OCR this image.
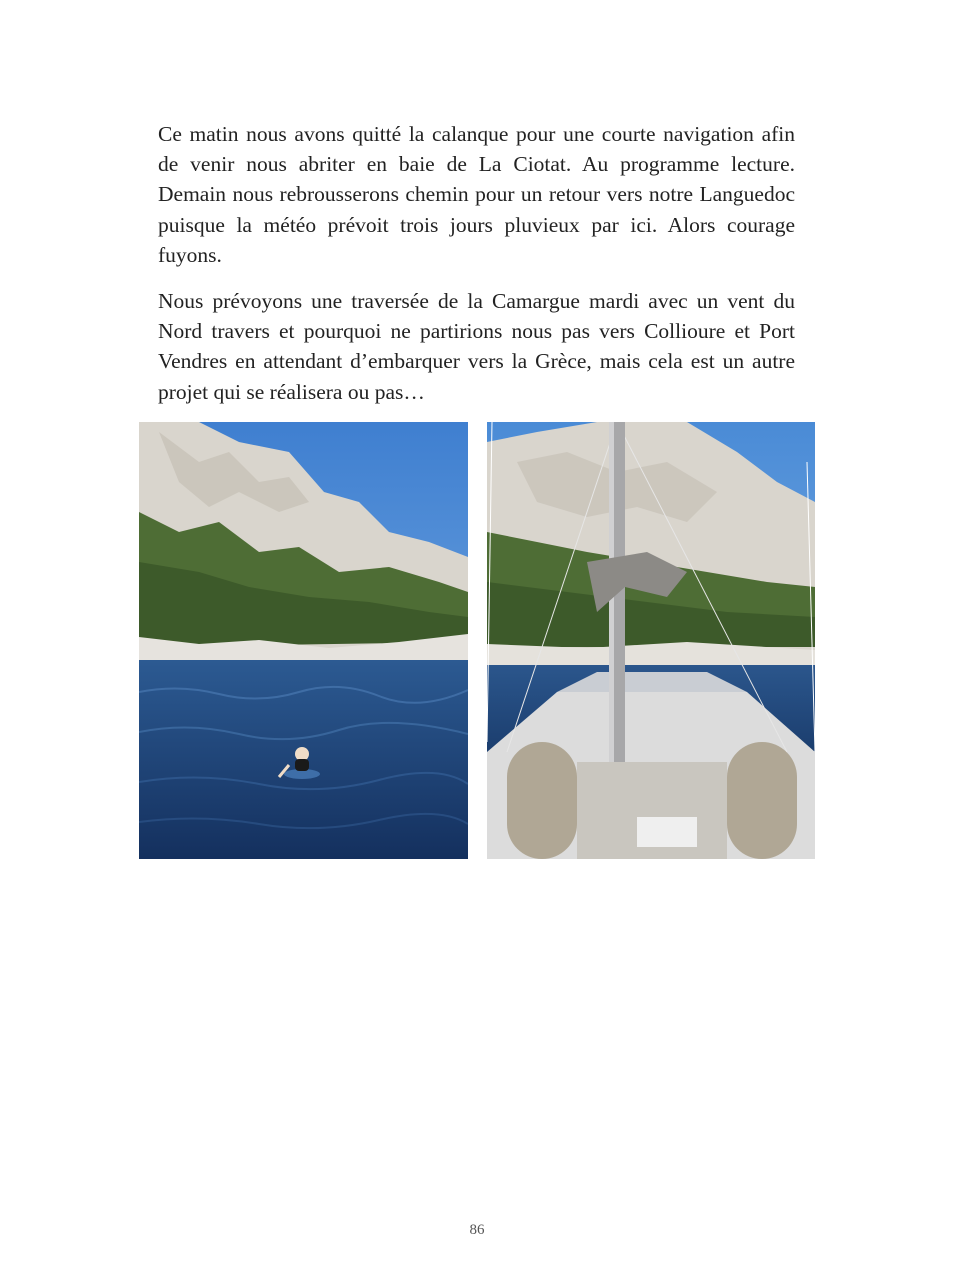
Ce matin nous avons quitté la calanque pour une courte navigation afin de venir nous abriter en baie de La Ciotat. Au programme lecture. Demain nous rebrousserons chemin pour un retour vers notre Languedoc puisque la météo prévoit trois jours pluvieux par ici. Alors courage fuyons.

Nous prévoyons une traversée de la Camargue mardi avec un vent du Nord travers et pourquoi ne partirions nous pas vers Collioure et Port Vendres en attendant d’embarquer vers la Grèce, mais cela est un autre projet qui se réalisera ou pas…

86
